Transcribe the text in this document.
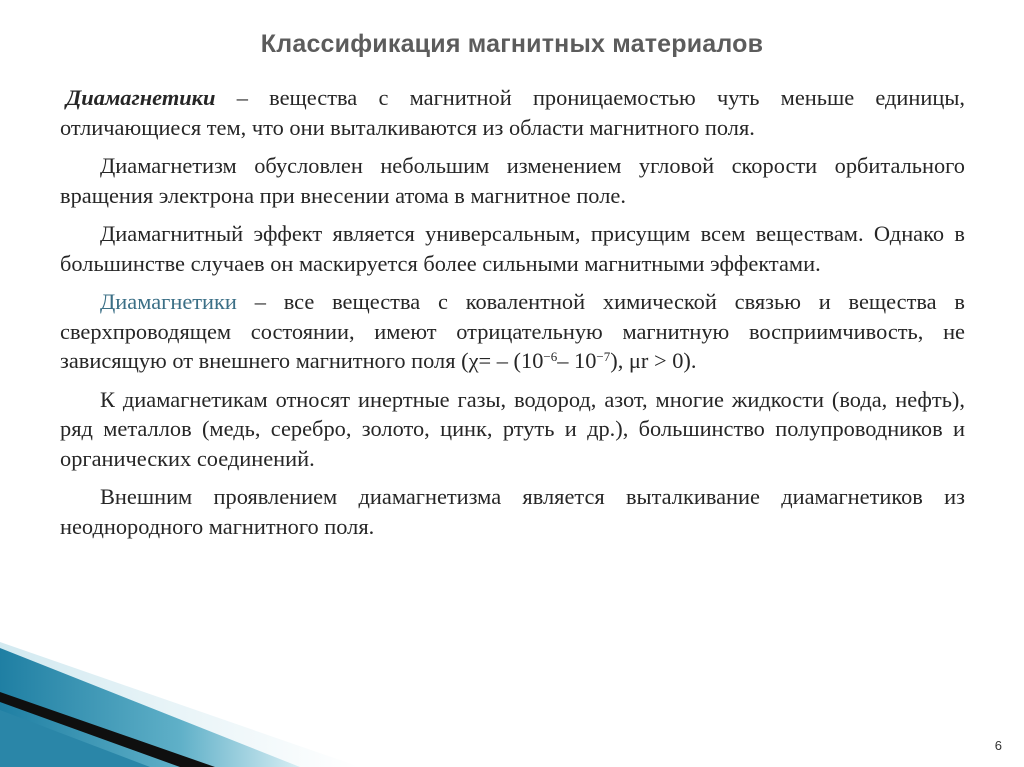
Классификация магнитных материалов

Диамагнетики – вещества с магнитной проницаемостью чуть меньше единицы, отличающиеся тем, что они выталкиваются из области магнитного поля.

Диамагнетизм обусловлен небольшим изменением угловой скорости орбитального вращения электрона при внесении атома в магнитное поле.

Диамагнитный эффект является универсальным, присущим всем веществам. Однако в большинстве случаев он маскируется более сильными магнитными эффектами.

Диамагнетики – все вещества с ковалентной химической связью и вещества в сверхпроводящем состоянии, имеют отрицательную магнитную восприимчивость, не зависящую от внешнего магнитного поля ($\chi= - (10^{-6}-$ $10^{-7}$), μr > 0).

К диамагнетикам относят инертные газы, водород, азот, многие жидкости (вода, нефть), ряд металлов (медь, серебро, золото, цинк, ртуть и др.), большинство полупроводников и органических соединений.

Внешним проявлением диамагнетизма является выталкивание диамагнетиков из неоднородного магнитного поля.

6
